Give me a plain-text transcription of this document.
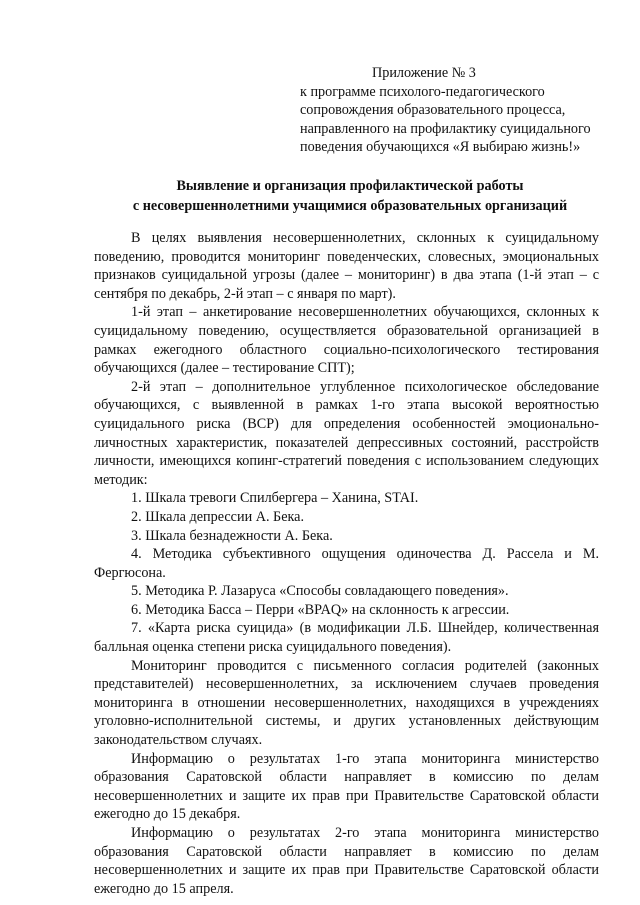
Приложение № 3
к программе психолого-педагогического
сопровождения образовательного процесса,
направленного на профилактику суицидального
поведения обучающихся «Я выбираю жизнь!»
Выявление и организация профилактической работы
с несовершеннолетними учащимися образовательных организаций

В целях выявления несовершеннолетних, склонных к суицидальному поведению, проводится мониторинг поведенческих, словесных, эмоциональных признаков суицидальной угрозы (далее – мониторинг) в два этапа (1-й этап – с сентября по декабрь, 2-й этап – с января по март).

1-й этап – анкетирование несовершеннолетних обучающихся, склонных к суицидальному поведению, осуществляется образовательной организацией в рамках ежегодного областного социально-психологического тестирования обучающихся (далее – тестирование СПТ);

2-й этап – дополнительное углубленное психологическое обследование обучающихся, с выявленной в рамках 1-го этапа высокой вероятностью суицидального риска (ВСР) для определения особенностей эмоционально-личностных характеристик, показателей депрессивных состояний, расстройств личности, имеющихся копинг-стратегий поведения с использованием следующих методик:

1. Шкала тревоги Спилбергера – Ханина, STAI.

2. Шкала депрессии А. Бека.

3. Шкала безнадежности А. Бека.

4. Методика субъективного ощущения одиночества Д. Рассела и М. Фергюсона.

5. Методика Р. Лазаруса «Способы совладающего поведения».

6. Методика Басса – Перри «BPAQ» на склонность к агрессии.

7. «Карта риска суицида» (в модификации Л.Б. Шнейдер, количественная балльная оценка степени риска суицидального поведения).

Мониторинг проводится с письменного согласия родителей (законных представителей) несовершеннолетних, за исключением случаев проведения мониторинга в отношении несовершеннолетних, находящихся в учреждениях уголовно-исполнительной системы, и других установленных действующим законодательством случаях.

Информацию о результатах 1-го этапа мониторинга министерство образования Саратовской области направляет в комиссию по делам несовершеннолетних и защите их прав при Правительстве Саратовской области ежегодно до 15 декабря.

Информацию о результатах 2-го этапа мониторинга министерство образования Саратовской области направляет в комиссию по делам несовершеннолетних и защите их прав при Правительстве Саратовской области ежегодно до 15 апреля.
